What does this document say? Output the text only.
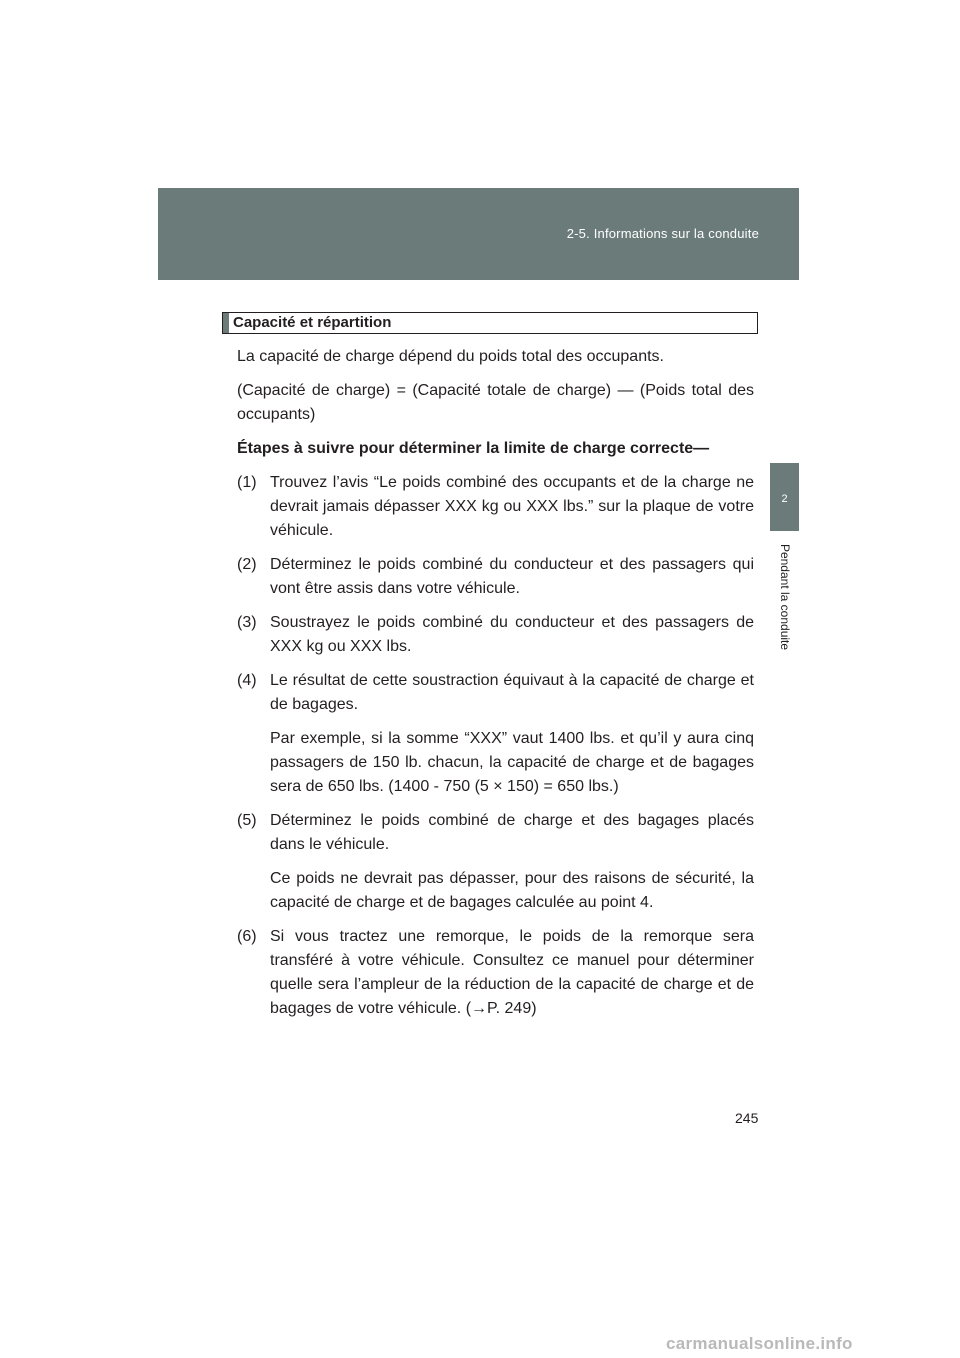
2-5. Informations sur la conduite
2
Pendant la conduite
Capacité et répartition

La capacité de charge dépend du poids total des occupants.

(Capacité de charge) = (Capacité totale de charge) — (Poids total des occupants)

Étapes à suivre pour déterminer la limite de charge correcte—

(1) Trouvez l’avis “Le poids combiné des occupants et de la charge ne devrait jamais dépasser XXX kg ou XXX lbs.” sur la plaque de votre véhicule.
(2) Déterminez le poids combiné du conducteur et des passagers qui vont être assis dans votre véhicule.
(3) Soustrayez le poids combiné du conducteur et des passagers de XXX kg ou XXX lbs.
(4) Le résultat de cette soustraction équivaut à la capacité de charge et de bagages.
Par exemple, si la somme “XXX” vaut 1400 lbs. et qu’il y aura cinq passagers de 150 lb. chacun, la capacité de charge et de bagages sera de 650 lbs. (1400 - 750 (5 × 150) = 650 lbs.)
(5) Déterminez le poids combiné de charge et des bagages placés dans le véhicule.
Ce poids ne devrait pas dépasser, pour des raisons de sécurité, la capacité de charge et de bagages calculée au point 4.
(6) Si vous tractez une remorque, le poids de la remorque sera transféré à votre véhicule. Consultez ce manuel pour déterminer quelle sera l’ampleur de la réduction de la capacité de charge et de bagages de votre véhicule. (→P. 249)
245
carmanualsonline.info
